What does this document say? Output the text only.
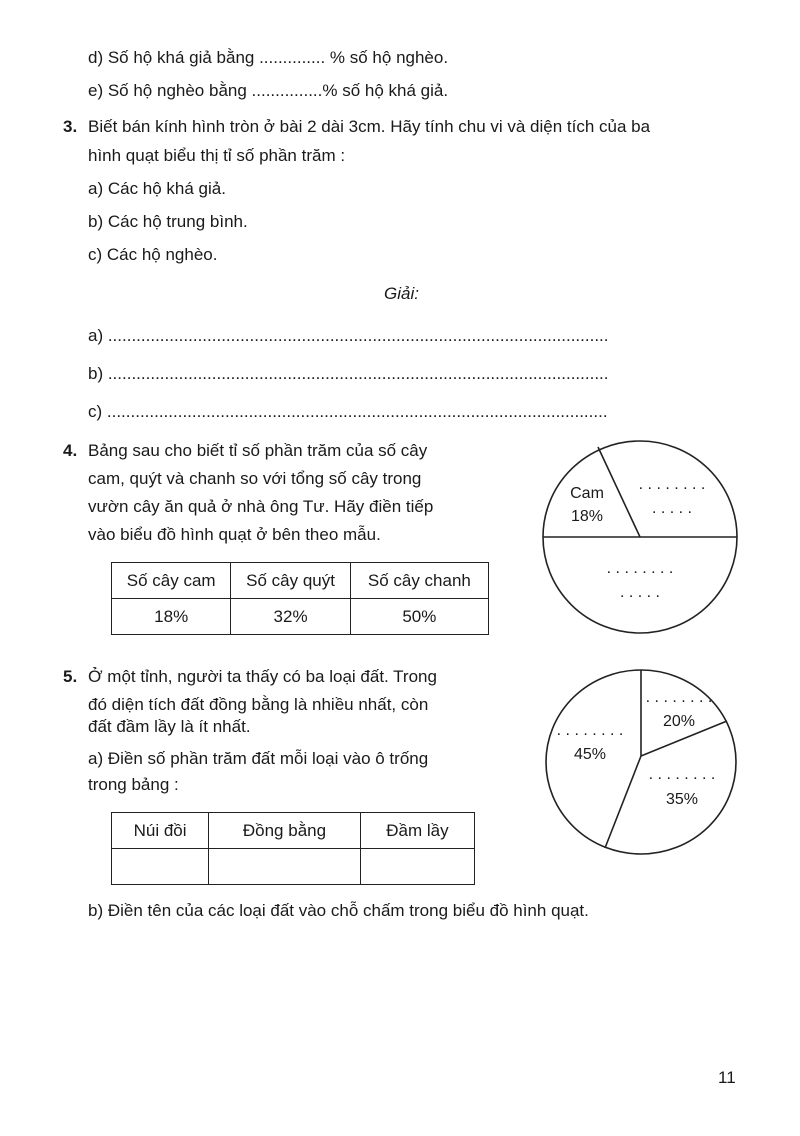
d) Số hộ khá giả bằng .............. % số hộ nghèo.
e) Số hộ nghèo bằng ...............% số hộ khá giả.
3. Biết bán kính hình tròn ở bài 2 dài 3cm. Hãy tính chu vi và diện tích của ba
hình quạt biểu thị tỉ số phần trăm :
a) Các hộ khá giả.
b) Các hộ trung bình.
c) Các hộ nghèo.
Giải:
a) ..........................................................................................................
b) ..........................................................................................................
c) ..........................................................................................................
4. Bảng sau cho biết tỉ số phần trăm của số cây
cam, quýt và chanh so với tổng số cây trong
vườn cây ăn quả ở nhà ông Tư. Hãy điền tiếp
vào biểu đồ hình quạt ở bên theo mẫu.
Số cây cam	Số cây quýt	Số cây chanh
18%	32%	50%
Cam
18%
. . . . . . . .
. . . . .
. . . . . . . .
. . . . .
5. Ở một tỉnh, người ta thấy có ba loại đất. Trong
đó diện tích đất đồng bằng là nhiều nhất, còn
đất đầm lầy là ít nhất.
a) Điền số phần trăm đất mỗi loại vào ô trống
trong bảng :
Núi đồi	Đồng bằng	Đầm lầy

. . . . . . . .
20%
. . . . . . . .
35%
. . . . . . . .
45%
b) Điền tên của các loại đất vào chỗ chấm trong biểu đồ hình quạt.
11
